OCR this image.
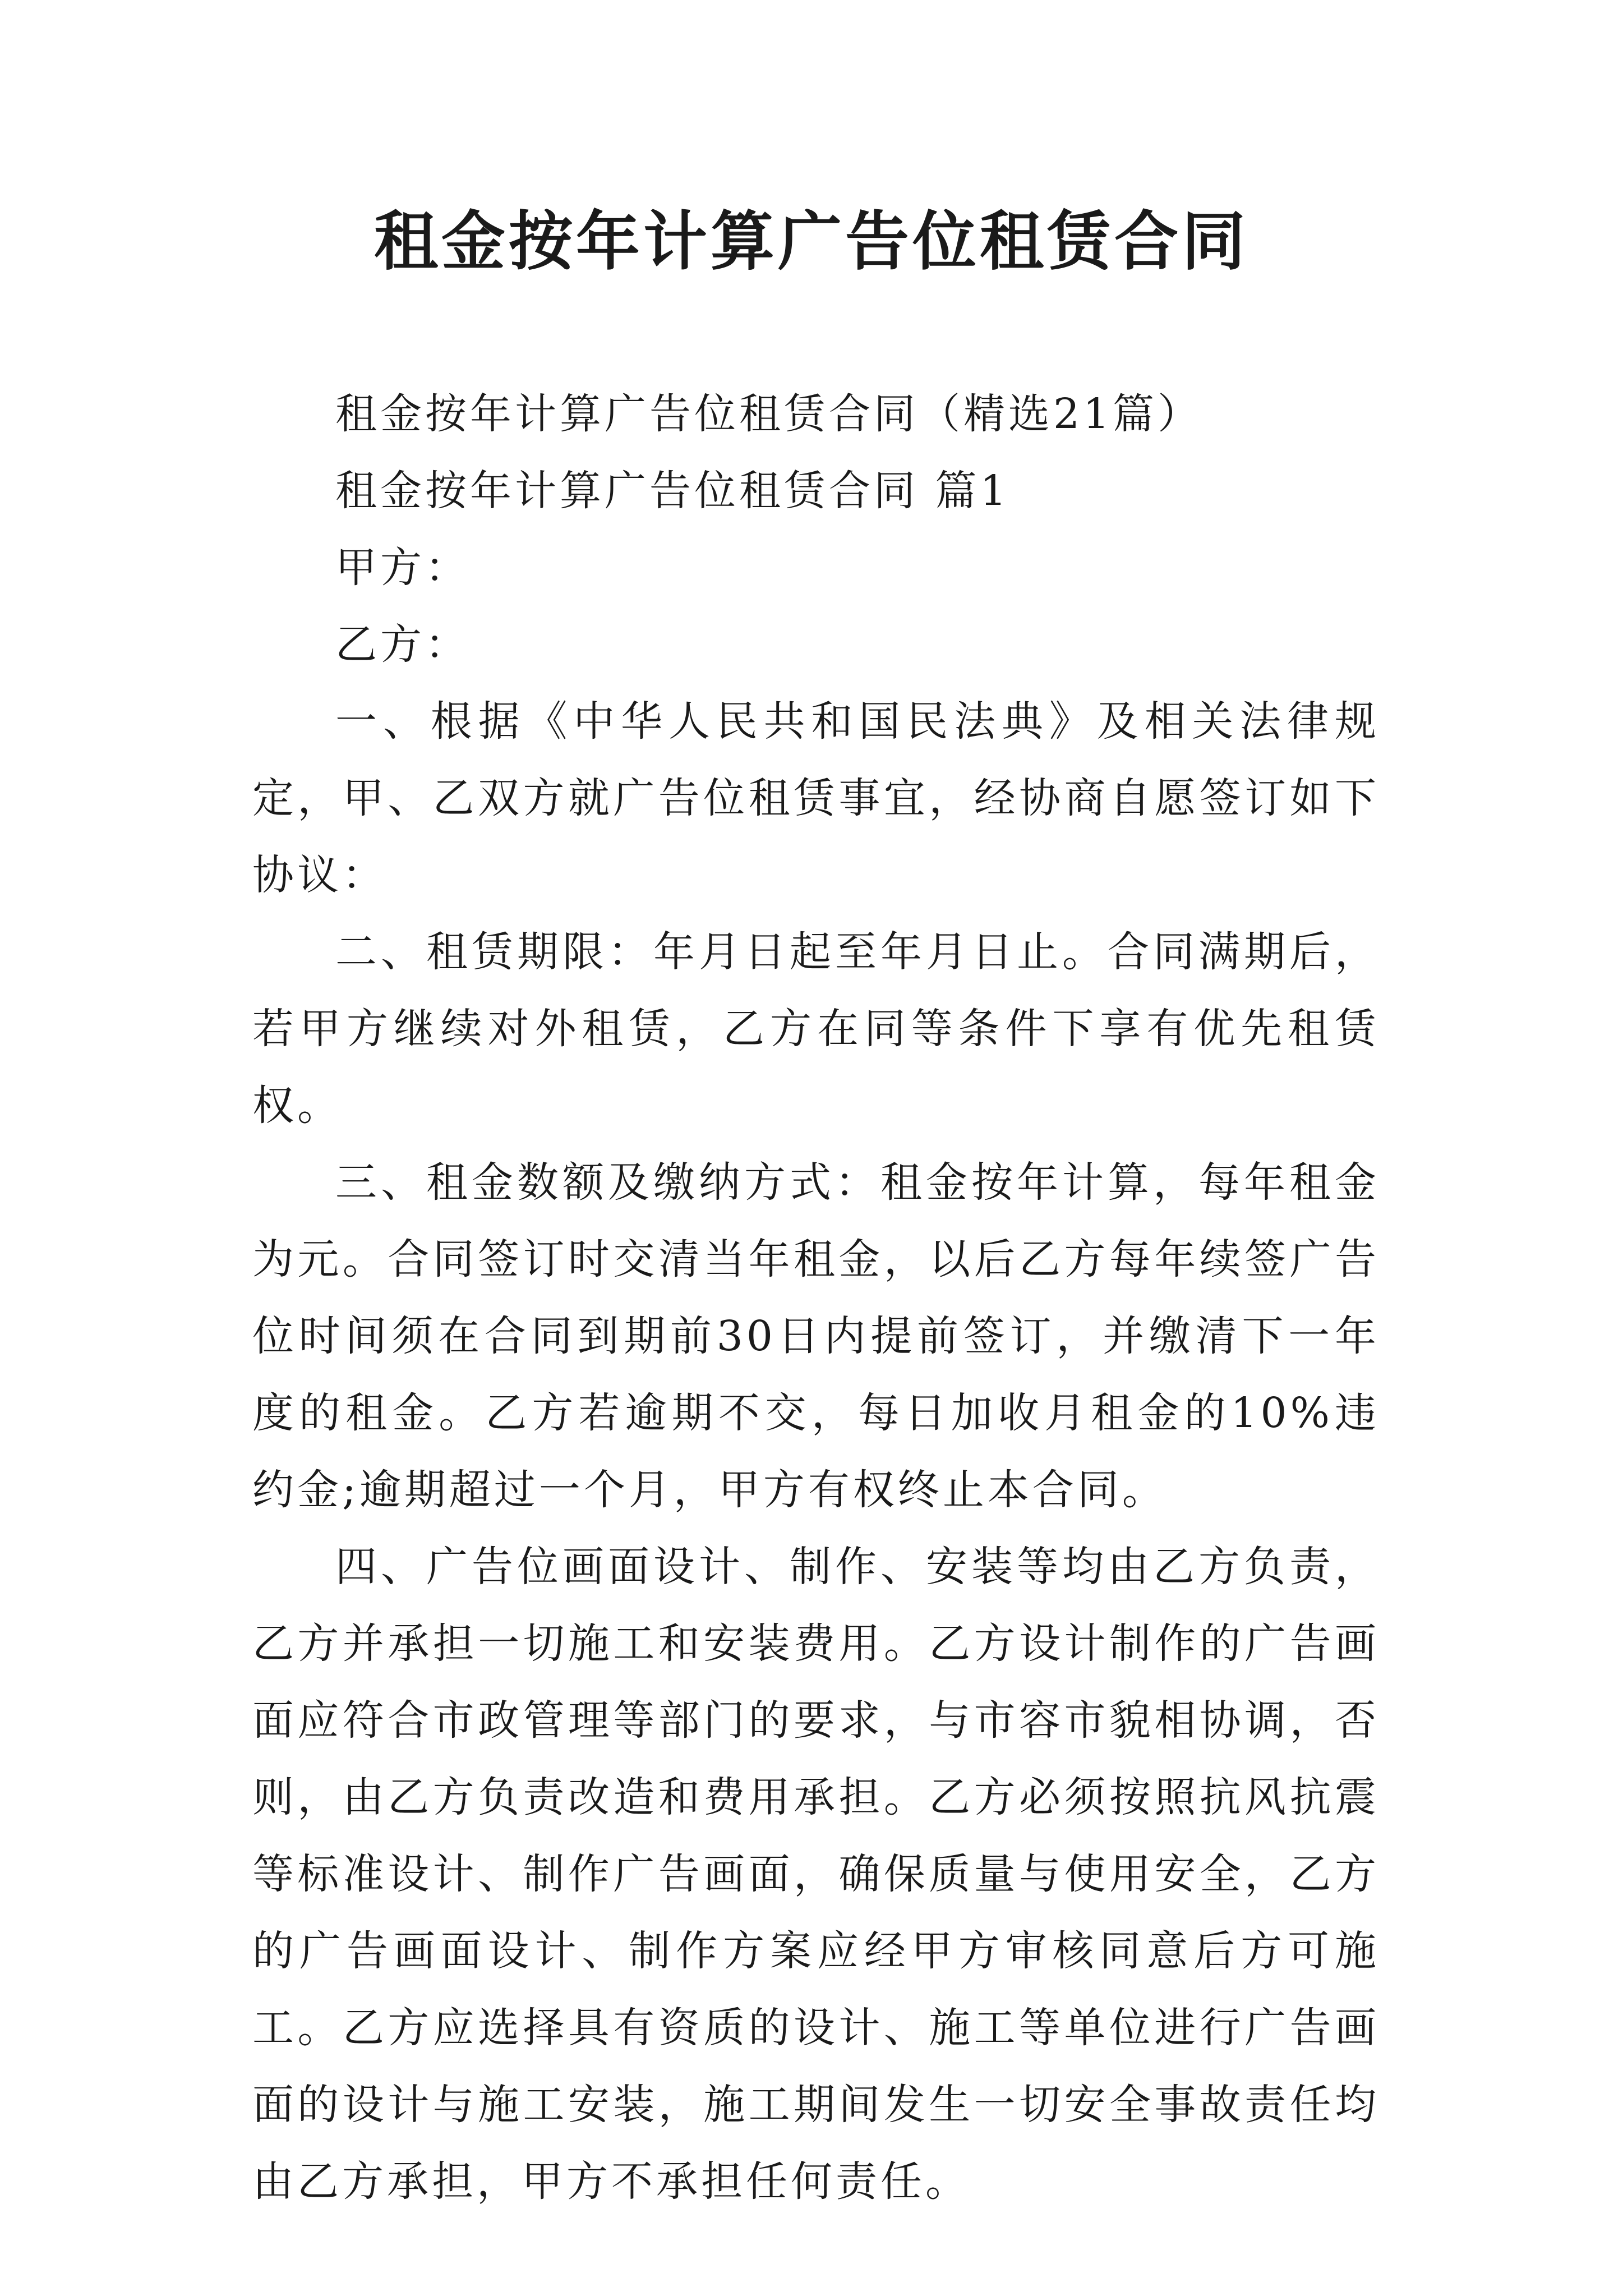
租金按年计算广告位租赁合同

租金按年计算广告位租赁合同（精选21篇）

租金按年计算广告位租赁合同 篇1

甲方：

乙方：

一、根据《中华人民共和国民法典》及相关法律规定，甲、乙双方就广告位租赁事宜，经协商自愿签订如下协议：

二、租赁期限：年月日起至年月日止。合同满期后，若甲方继续对外租赁，乙方在同等条件下享有优先租赁权。

三、租金数额及缴纳方式：租金按年计算，每年租金为元。合同签订时交清当年租金，以后乙方每年续签广告位时间须在合同到期前30日内提前签订，并缴清下一年度的租金。乙方若逾期不交，每日加收月租金的10%违约金;逾期超过一个月，甲方有权终止本合同。

四、广告位画面设计、制作、安装等均由乙方负责，乙方并承担一切施工和安装费用。乙方设计制作的广告画面应符合市政管理等部门的要求，与市容市貌相协调，否则，由乙方负责改造和费用承担。乙方必须按照抗风抗震等标准设计、制作广告画面，确保质量与使用安全，乙方的广告画面设计、制作方案应经甲方审核同意后方可施工。乙方应选择具有资质的设计、施工等单位进行广告画面的设计与施工安装，施工期间发生一切安全事故责任均由乙方承担，甲方不承担任何责任。
